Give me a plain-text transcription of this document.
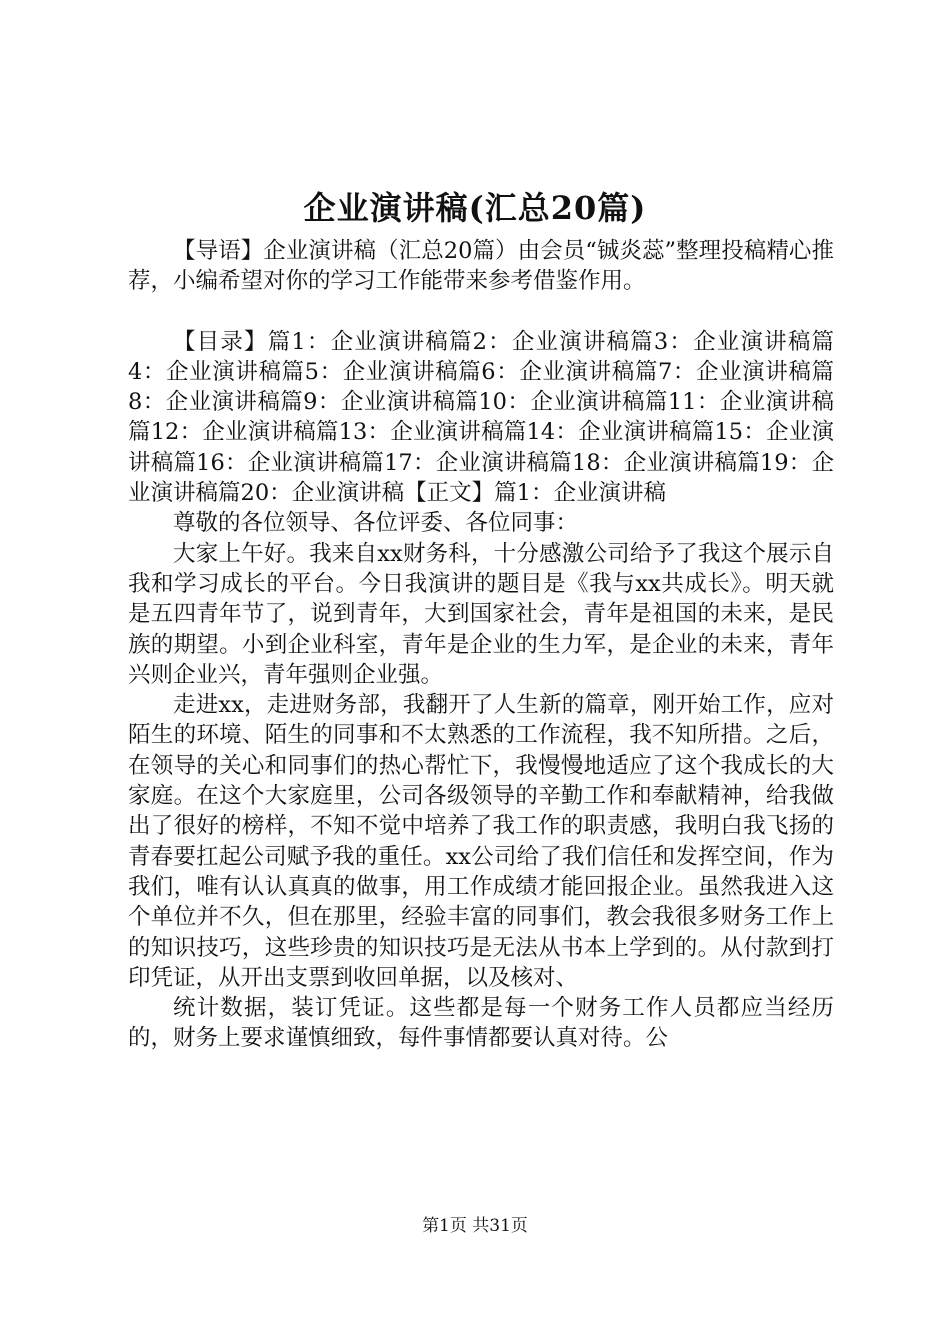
企业演讲稿(汇总20篇)

【导语】企业演讲稿（汇总20篇）由会员“铖炎蕊”整理投稿精心推荐，小编希望对你的学习工作能带来参考借鉴作用。

【目录】篇1：企业演讲稿篇2：企业演讲稿篇3：企业演讲稿篇4：企业演讲稿篇5：企业演讲稿篇6：企业演讲稿篇7：企业演讲稿篇8：企业演讲稿篇9：企业演讲稿篇10：企业演讲稿篇11：企业演讲稿篇12：企业演讲稿篇13：企业演讲稿篇14：企业演讲稿篇15：企业演讲稿篇16：企业演讲稿篇17：企业演讲稿篇18：企业演讲稿篇19：企业演讲稿篇20：企业演讲稿【正文】篇1：企业演讲稿

尊敬的各位领导、各位评委、各位同事：

大家上午好。我来自xx财务科，十分感激公司给予了我这个展示自我和学习成长的平台。今日我演讲的题目是《我与xx共成长》。明天就是五四青年节了，说到青年，大到国家社会，青年是祖国的未来，是民族的期望。小到企业科室，青年是企业的生力军，是企业的未来，青年兴则企业兴，青年强则企业强。

走进xx，走进财务部，我翻开了人生新的篇章，刚开始工作，应对陌生的环境、陌生的同事和不太熟悉的工作流程，我不知所措。之后，在领导的关心和同事们的热心帮忙下，我慢慢地适应了这个我成长的大家庭。在这个大家庭里，公司各级领导的辛勤工作和奉献精神，给我做出了很好的榜样，不知不觉中培养了我工作的职责感，我明白我飞扬的青春要扛起公司赋予我的重任。xx公司给了我们信任和发挥空间，作为我们，唯有认认真真的做事，用工作成绩才能回报企业。虽然我进入这个单位并不久，但在那里，经验丰富的同事们，教会我很多财务工作上的知识技巧，这些珍贵的知识技巧是无法从书本上学到的。从付款到打印凭证，从开出支票到收回单据，以及核对、

统计数据，装订凭证。这些都是每一个财务工作人员都应当经历的，财务上要求谨慎细致，每件事情都要认真对待。公

第1页 共31页
